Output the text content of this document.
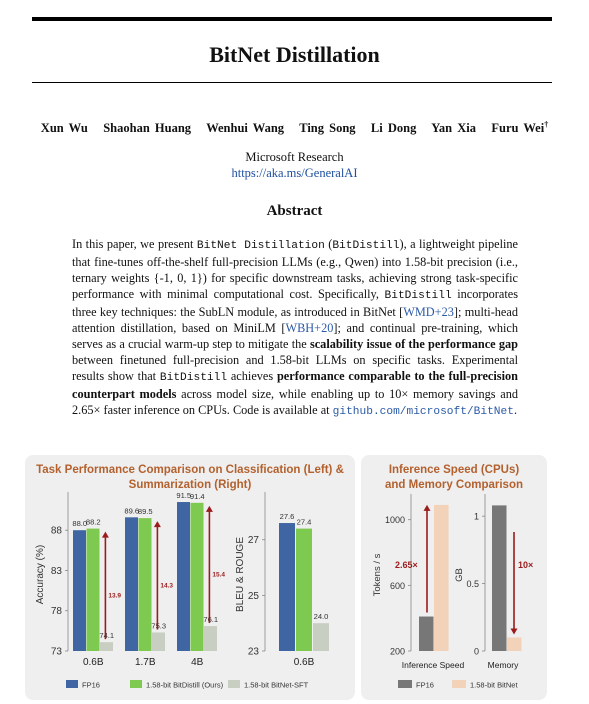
BitNet Distillation
Xun Wu Shaohan Huang Wenhui Wang Ting Song Li Dong Yan Xia Furu Wei†
Microsoft Research
https://aka.ms/GeneralAI
Abstract
In this paper, we present BitNet Distillation (BitDistill), a lightweight pipeline that fine-tunes off-the-shelf full-precision LLMs (e.g., Qwen) into 1.58-bit precision (i.e., ternary weights {-1, 0, 1}) for specific downstream tasks, achieving strong task-specific performance with minimal computational cost. Specifically, BitDistill incorporates three key techniques: the SubLN module, as introduced in BitNet [WMD+23]; multi-head attention distillation, based on MiniLM [WBH+20]; and continual pre-training, which serves as a crucial warm-up step to mitigate the scalability issue of the performance gap between finetuned full-precision and 1.58-bit LLMs on specific tasks. Experimental results show that BitDistill achieves performance comparable to the full-precision counterpart models across model size, while enabling up to 10× memory savings and 2.65× faster inference on CPUs. Code is available at github.com/microsoft/BitNet.
Task Performance Comparison on Classification (Left) & Summarization (Right)
Inference Speed (CPUs) and Memory Comparison
73
78
83
88
Accuracy (%)
88.0
88.2
74.1
0.6B
13.9
89.6
89.5
75.3
1.7B
14.3
91.5
91.4
76.1
4B
15.4
23
25
27
BLEU & ROUGE
27.6
27.4
24.0
0.6B
FP16	1.58-bit BitDistill (Ours)	1.58-bit BitNet-SFT
200
600
1000
Tokens / s 2.65×
Inference Speed
0
0.5
1
GB
10×
Memory
FP16	1.58-bit BitNet
